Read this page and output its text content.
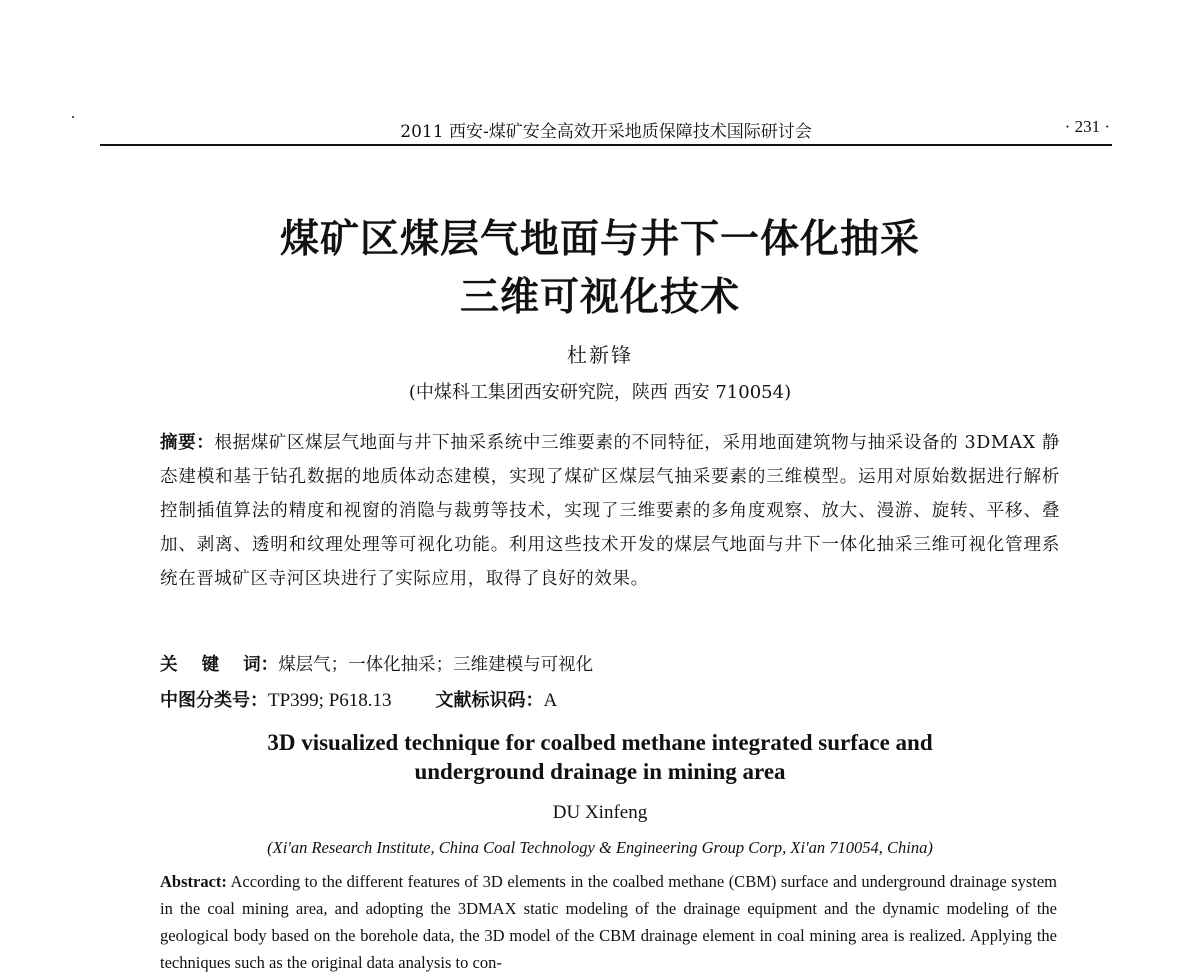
2011 西安-煤矿安全高效开采地质保障技术国际研讨会	· 231 ·
煤矿区煤层气地面与井下一体化抽采
三维可视化技术
杜新锋
(中煤科工集团西安研究院，陕西 西安 710054)
摘要：根据煤矿区煤层气地面与井下抽采系统中三维要素的不同特征，采用地面建筑物与抽采设备的 3DMAX 静态建模和基于钻孔数据的地质体动态建模，实现了煤矿区煤层气抽采要素的三维模型。运用对原始数据进行解析控制插值算法的精度和视窗的消隐与裁剪等技术，实现了三维要素的多角度观察、放大、漫游、旋转、平移、叠加、剥离、透明和纹理处理等可视化功能。利用这些技术开发的煤层气地面与井下一体化抽采三维可视化管理系统在晋城矿区寺河区块进行了实际应用，取得了良好的效果。
关 键 词：煤层气；一体化抽采；三维建模与可视化
中图分类号：TP399; P618.13 文献标识码：A
3D visualized technique for coalbed methane integrated surface and
underground drainage in mining area
DU Xinfeng
(Xi'an Research Institute, China Coal Technology & Engineering Group Corp, Xi'an 710054, China)
Abstract: According to the different features of 3D elements in the coalbed methane (CBM) surface and underground drainage system in the coal mining area, and adopting the 3DMAX static modeling of the drainage equipment and the dynamic modeling of the geological body based on the borehole data, the 3D model of the CBM drainage element in coal mining area is realized. Applying the techniques such as the original data analysis to con-
